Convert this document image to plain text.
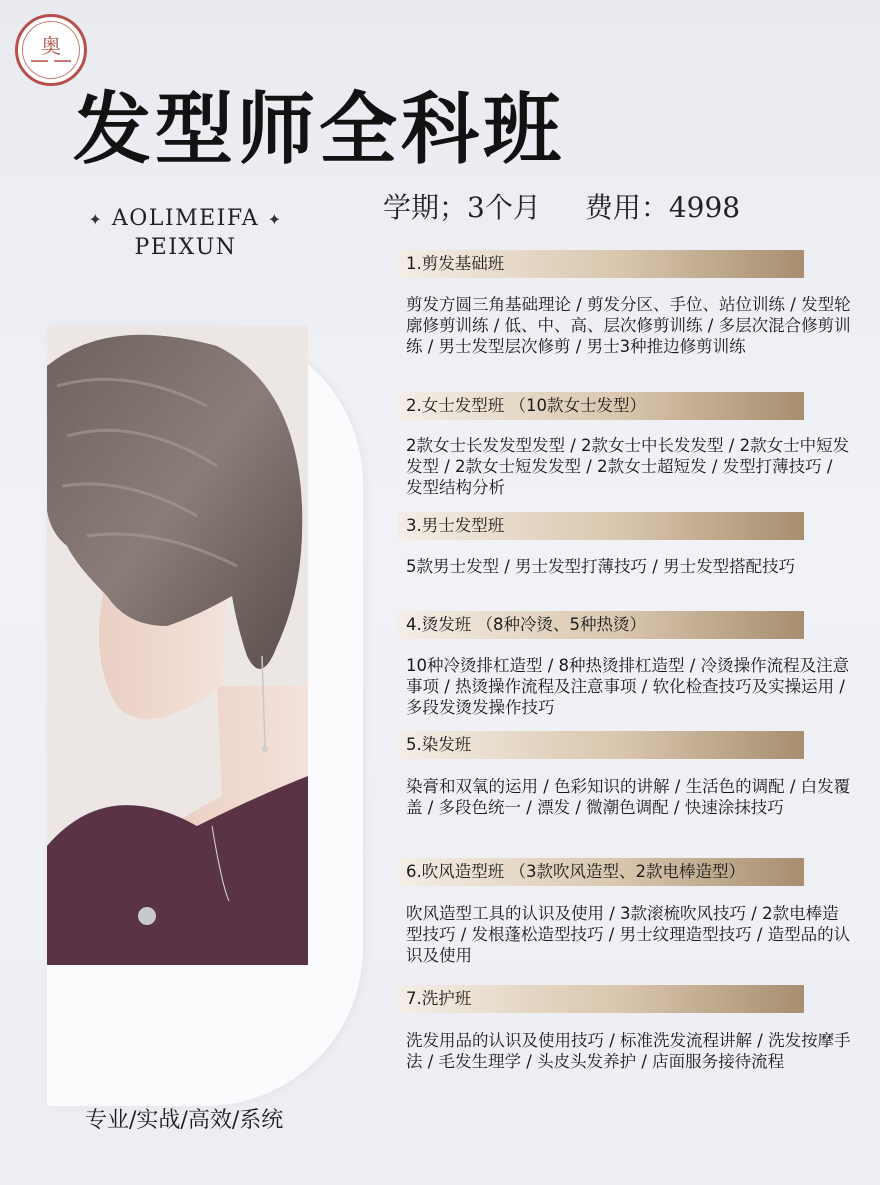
奥
发型师全科班
学期；3个月 费用：4998
✦ AOLIMEIFA ✦
PEIXUN
1.剪发基础班
剪发方圆三角基础理论 / 剪发分区、手位、站位训练 / 发型轮廓修剪训练 / 低、中、高、层次修剪训练 / 多层次混合修剪训练 / 男士发型层次修剪 / 男士3种推边修剪训练
2.女士发型班 （10款女士发型）
2款女士长发发型发型 / 2款女士中长发发型 / 2款女士中短发发型 / 2款女士短发发型 / 2款女士超短发 / 发型打薄技巧 / 发型结构分析
3.男士发型班
5款男士发型 / 男士发型打薄技巧 / 男士发型搭配技巧
4.烫发班 （8种冷烫、5种热烫）
10种冷烫排杠造型 / 8种热烫排杠造型 / 冷烫操作流程及注意事项 / 热烫操作流程及注意事项 / 软化检查技巧及实操运用 / 多段发烫发操作技巧
5.染发班
染膏和双氧的运用 / 色彩知识的讲解 / 生活色的调配 / 白发覆盖 / 多段色统一 / 漂发 / 微潮色调配 / 快速涂抹技巧
6.吹风造型班 （3款吹风造型、2款电棒造型）
吹风造型工具的认识及使用 / 3款滚梳吹风技巧 / 2款电棒造型技巧 / 发根蓬松造型技巧 / 男士纹理造型技巧 / 造型品的认识及使用
7.洗护班
洗发用品的认识及使用技巧 / 标准洗发流程讲解 / 洗发按摩手法 / 毛发生理学 / 头皮头发养护 / 店面服务接待流程
专业/实战/高效/系统
